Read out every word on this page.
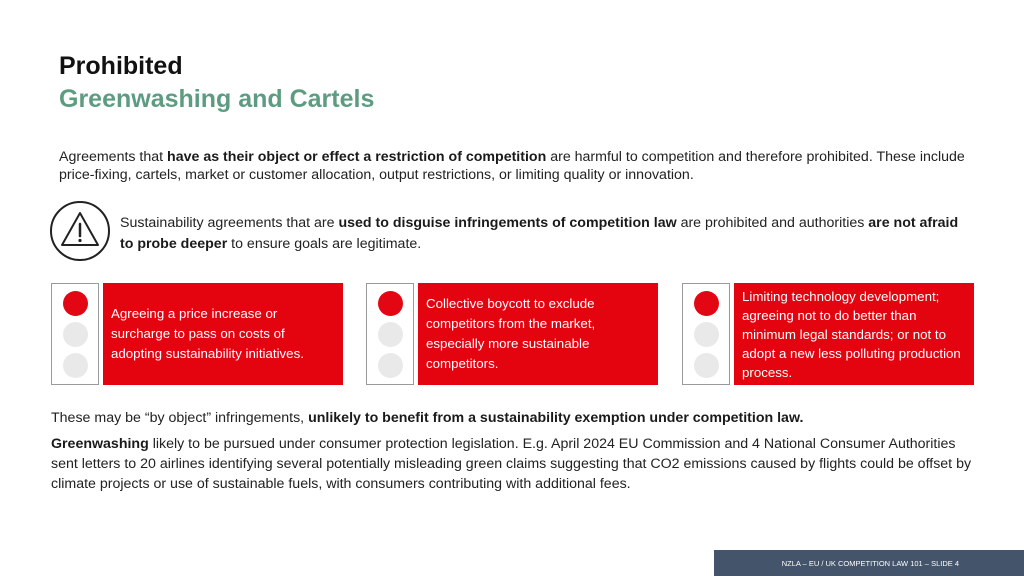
Prohibited
Greenwashing and Cartels

Agreements that have as their object or effect a restriction of competition are harmful to competition and therefore prohibited. These include price-fixing, cartels, market or customer allocation, output restrictions, or limiting quality or innovation.

Sustainability agreements that are used to disguise infringements of competition law are prohibited and authorities are not afraid to probe deeper to ensure goals are legitimate.

Agreeing a price increase or surcharge to pass on costs of adopting sustainability initiatives.
Collective boycott to exclude competitors from the market, especially more sustainable competitors.
Limiting technology development; agreeing not to do better than minimum legal standards; or not to adopt a new less polluting production process.

These may be “by object” infringements, unlikely to benefit from a sustainability exemption under competition law.

Greenwashing likely to be pursued under consumer protection legislation. E.g. April 2024 EU Commission and 4 National Consumer Authorities sent letters to 20 airlines identifying several potentially misleading green claims suggesting that CO2 emissions caused by flights could be offset by climate projects or use of sustainable fuels, with consumers contributing with additional fees.

NZLA – EU / UK COMPETITION LAW 101 – SLIDE 4
